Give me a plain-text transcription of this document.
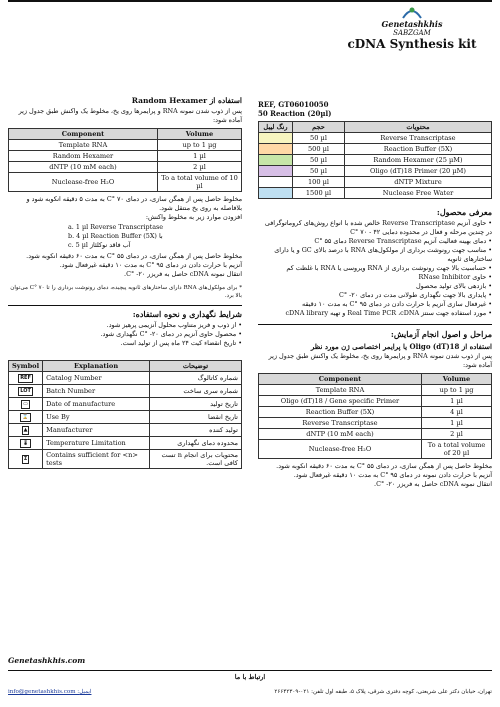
Genetashkhis
SABZGAM
cDNA Synthesis kit
REF, GT06010050
50 Reaction (20µl)
رنگ لیبل	حجم	محتویات
	50 µl	Reverse Transcriptase
	500 µl	Reaction Buffer (5X)
	50 µl	Random Hexamer (25 µM)
	50 µl	Oligo (dT)18 Primer (20 µM)
	100 µl	dNTP Mixture
	1500 µl	Nuclease Free Water
معرفی محصول:
• حاوی آنزیم Reverse Transcriptase خالص شده با انواع روش‌های کروماتوگرافی در چندین مرحله و فعال در محدوده دمایی ۴۲ - ۷۰ °C
• دمای بهینه فعالیت آنزیم Reverse Transcriptase دمای ۵۵ °C
• مناسب جهت رونوشت برداری از مولکول‌های RNA با درصد بالای GC و یا دارای ساختارهای ثانویه
• حساسیت بالا جهت رونوشت برداری از RNA ویروسی یا RNA با غلظت کم
• حاوی RNase Inhibitor
• بازدهی بالای تولید محصول
• پایداری بالا جهت نگهداری طولانی مدت در دمای ۲۰- °C
• غیرفعال سازی آنزیم با حرارت دادن در دمای ۹۵ °C به مدت ۱۰ دقیقه
• مورد استفاده جهت سنتز Real Time PCR ،cDNA و تهیه cDNA library
مراحل و اصول انجام آزمایش:
استفاده از Oligo (dT)18 یا پرایمر اختصاصی ژن مورد نظر
پس از ذوب شدن نمونه RNA و پرایمرها روی یخ، مخلوط یک واکنش طبق جدول زیر آماده شود:
Component	Volume
Template RNA	up to 1 µg
Oligo (dT)18 / Gene specific Primer	1 µl
Reaction Buffer (5X)	4 µl
Reverse Transcriptase	1 µl
dNTP (10 mM each)	2 µl
Nuclease-free H₂O	To a total volume of 20 µl
مخلوط حاصل پس از همگن سازی، در دمای ۵۵ °C به مدت ۶۰ دقیقه انکوبه شود.
آنزیم با حرارت دادن نمونه در دمای ۹۵ °C به مدت ۱۰ دقیقه غیرفعال شود.
انتقال نمونه cDNA حاصل به فریزر ۲۰- °C.
استفاده از Random Hexamer
پس از ذوب شدن نمونه RNA و پرایمرها روی یخ، مخلوط یک واکنش طبق جدول زیر آماده شود:
Component	Volume
Template RNA	up to 1 µg
Random Hexamer	1 µl
dNTP (10 mM each)	2 µl
Nuclease-free H₂O	To a total volume of 10 µl
مخلوط حاصل پس از همگن سازی، در دمای ۷۰ °C به مدت ۵ دقیقه انکوبه شود و بلافاصله به روی یخ منتقل شود.
افزودن موارد زیر به مخلوط واکنش:
a. 1 µl Reverse Transcriptase
b. 4 µl Reaction Buffer (5X) با
c. 5 µl آب فاقد نوکلئاز
مخلوط حاصل پس از همگن سازی، در دمای ۵۵ °C به مدت ۶۰ دقیقه انکوبه شود.
آنزیم با حرارت دادن در دمای ۹۵ °C به مدت ۱۰ دقیقه غیرفعال شود.
انتقال نمونه cDNA حاصل به فریزر ۲۰- °C.
* برای مولکول‌های RNA دارای ساختارهای ثانویه پیچیده، دمای رونوشت برداری را تا ۷۰ °C می‌توان بالا برد.
شرایط نگهداری و نحوه استفاده:
• از ذوب و فریز متناوب محلول آنزیمی پرهیز شود.
• محصول حاوی آنزیم در دمای ۲۰- °C نگهداری شود.
• تاریخ انقضاء کیت ۲۴ ماه پس از تولید است.
Symbol	Explanation	توضیحات
REF	Catalog Number	شماره کاتالوگ
LOT	Batch Number	شماره سری ساخت
▭	Date of manufacture	تاریخ تولید
⌛	Use By	تاریخ انقضا
▲	Manufacturer	تولید کننده
🌡	Temperature Limitation	محدوده دمای نگهداری
Σ	Contains sufficient for <n> tests	محتویات برای انجام n تست کافی است.
Genetashkhis.com
ارتباط با ما
info@genetashkhis.com :ایمیل	تهران، خیابان دکتر علی شریعتی، کوچه دفتری شرقی، پلاک ۵، طبقه اول تلفن: ۰۲۱-۲۶۶۴۲۳۰۹
